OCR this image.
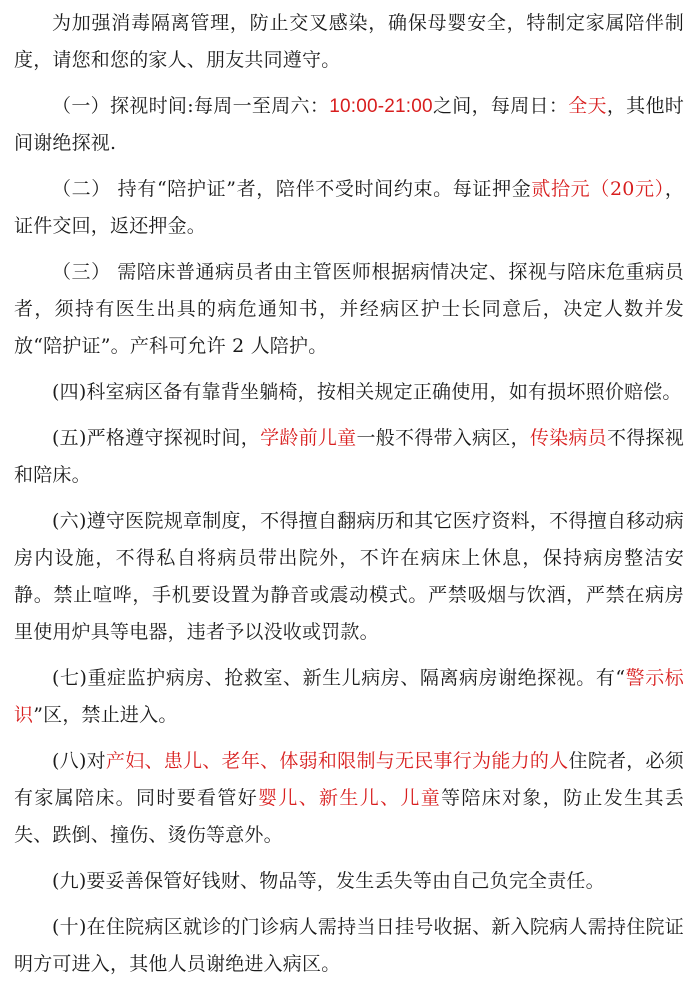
为加强消毒隔离管理，防止交叉感染，确保母婴安全，特制定家属陪伴制度，请您和您的家人、朋友共同遵守。

（一）探视时间:每周一至周六：10:00-21:00之间，每周日：全天，其他时间谢绝探视.

（二） 持有“陪护证”者，陪伴不受时间约束。每证押金贰拾元（20元），证件交回，返还押金。

（三） 需陪床普通病员者由主管医师根据病情决定、探视与陪床危重病员者，须持有医生出具的病危通知书，并经病区护士长同意后，决定人数并发放“陪护证”。产科可允许 2 人陪护。

(四)科室病区备有靠背坐躺椅，按相关规定正确使用，如有损坏照价赔偿。

(五)严格遵守探视时间，学龄前儿童一般不得带入病区，传染病员不得探视和陪床。

(六)遵守医院规章制度，不得擅自翻病历和其它医疗资料，不得擅自移动病房内设施，不得私自将病员带出院外，不许在病床上休息，保持病房整洁安静。禁止喧哗，手机要设置为静音或震动模式。严禁吸烟与饮酒，严禁在病房里使用炉具等电器，违者予以没收或罚款。

(七)重症监护病房、抢救室、新生儿病房、隔离病房谢绝探视。有“警示标识”区，禁止进入。

(八)对产妇、患儿、老年、体弱和限制与无民事行为能力的人住院者，必须有家属陪床。同时要看管好婴儿、新生儿、儿童等陪床对象，防止发生其丢失、跌倒、撞伤、烫伤等意外。

(九)要妥善保管好钱财、物品等，发生丢失等由自己负完全责任。

(十)在住院病区就诊的门诊病人需持当日挂号收据、新入院病人需持住院证明方可进入，其他人员谢绝进入病区。
